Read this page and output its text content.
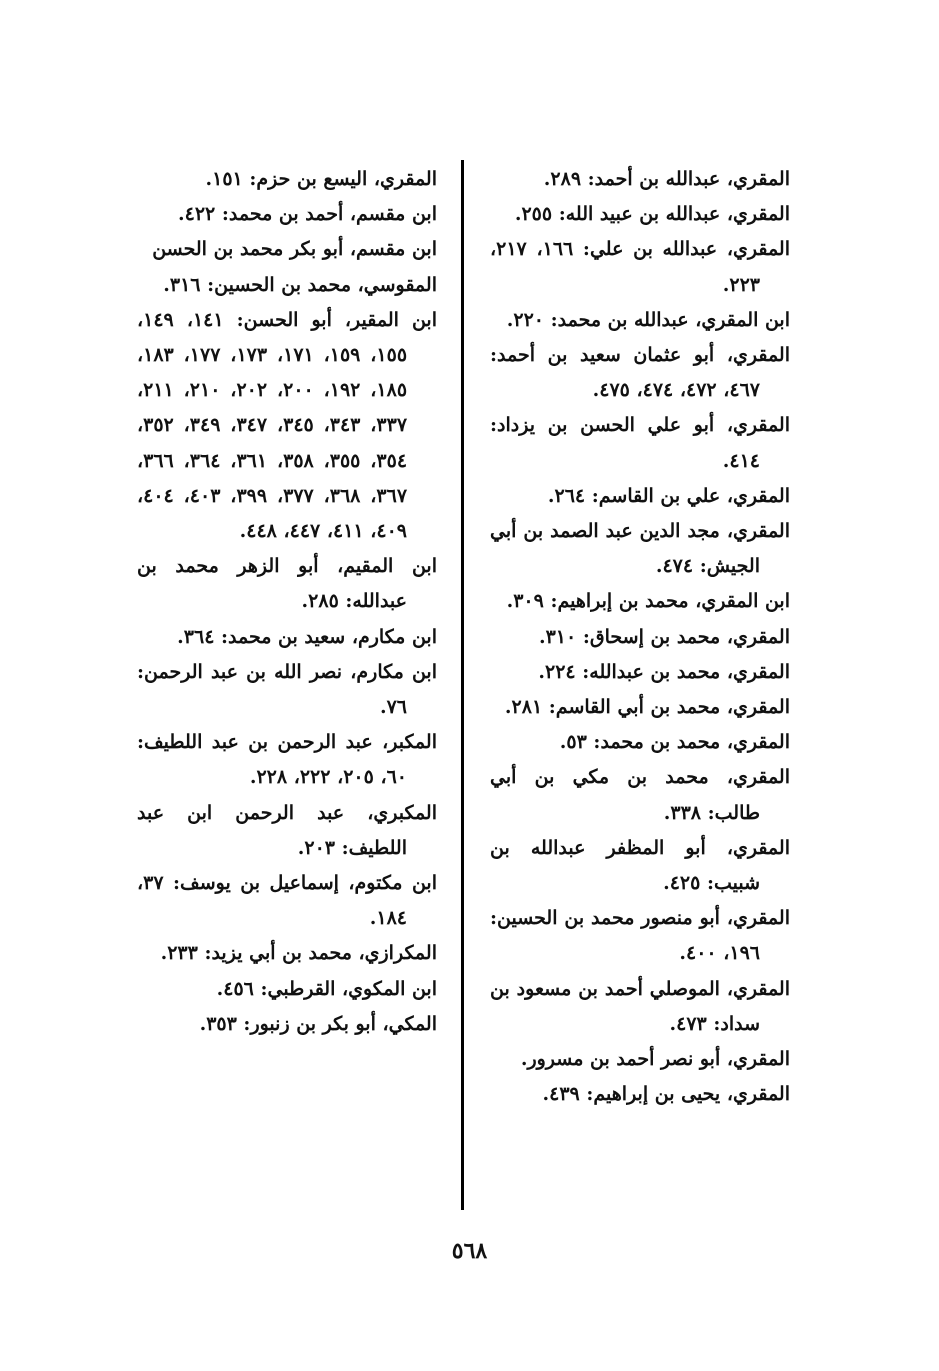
المقري، عبدالله بن أحمد: ٢٨٩.

المقري، عبدالله بن عبيد الله: ٢٥٥.

المقري، عبدالله بن علي: ١٦٦، ٢١٧، ٢٢٣.

ابن المقري، عبدالله بن محمد: ٢٢٠.

المقري، أبو عثمان سعيد بن أحمد: ٤٦٧، ٤٧٢، ٤٧٤، ٤٧٥.

المقري، أبو علي الحسن بن يزداد: ٤١٤.

المقري، علي بن القاسم: ٢٦٤.

المقري، مجد الدين عبد الصمد بن أبي الجيش: ٤٧٤.

ابن المقري، محمد بن إبراهيم: ٣٠٩.

المقري، محمد بن إسحاق: ٣١٠.

المقري، محمد بن عبدالله: ٢٢٤.

المقري، محمد بن أبي القاسم: ٢٨١.

المقري، محمد بن محمد: ٥٣.

المقري، محمد بن مكي بن أبي طالب: ٣٣٨.

المقري، أبو المظفر عبدالله بن شبيب: ٤٢٥.

المقري، أبو منصور محمد بن الحسين: ١٩٦، ٤٠٠.

المقري، الموصلي أحمد بن مسعود بن سداد: ٤٧٣.

المقري، أبو نصر أحمد بن مسرور.

المقري، يحيى بن إبراهيم: ٤٣٩.

المقري، اليسع بن حزم: ١٥١.

ابن مقسم، أحمد بن محمد: ٤٢٢.

ابن مقسم، أبو بكر محمد بن الحسن

المقوسي، محمد بن الحسين: ٣١٦.

ابن المقير، أبو الحسن: ١٤١، ١٤٩، ١٥٥، ١٥٩، ١٧١، ١٧٣، ١٧٧، ١٨٣، ١٨٥، ١٩٢، ٢٠٠، ٢٠٢، ٢١٠، ٢١١، ٣٣٧، ٣٤٣، ٣٤٥، ٣٤٧، ٣٤٩، ٣٥٢، ٣٥٤، ٣٥٥، ٣٥٨، ٣٦١، ٣٦٤، ٣٦٦، ٣٦٧، ٣٦٨، ٣٧٧، ٣٩٩، ٤٠٣، ٤٠٤، ٤٠٩، ٤١١، ٤٤٧، ٤٤٨.

ابن المقيم، أبو الزهر محمد بن عبدالله: ٢٨٥.

ابن مكارم، سعيد بن محمد: ٣٦٤.

ابن مكارم، نصر الله بن عبد الرحمن: ٧٦.

المكبر، عبد الرحمن بن عبد اللطيف: ٦٠، ٢٠٥، ٢٢٢، ٢٢٨.

المكبري، عبد الرحمن ابن عبد اللطيف: ٢٠٣.

ابن مكتوم، إسماعيل بن يوسف: ٣٧، ١٨٤.

المكرازي، محمد بن أبي يزيد: ٢٣٣.

ابن المكوي، القرطبي: ٤٥٦.

المكي، أبو بكر بن زنبور: ٣٥٣.

٥٦٨
